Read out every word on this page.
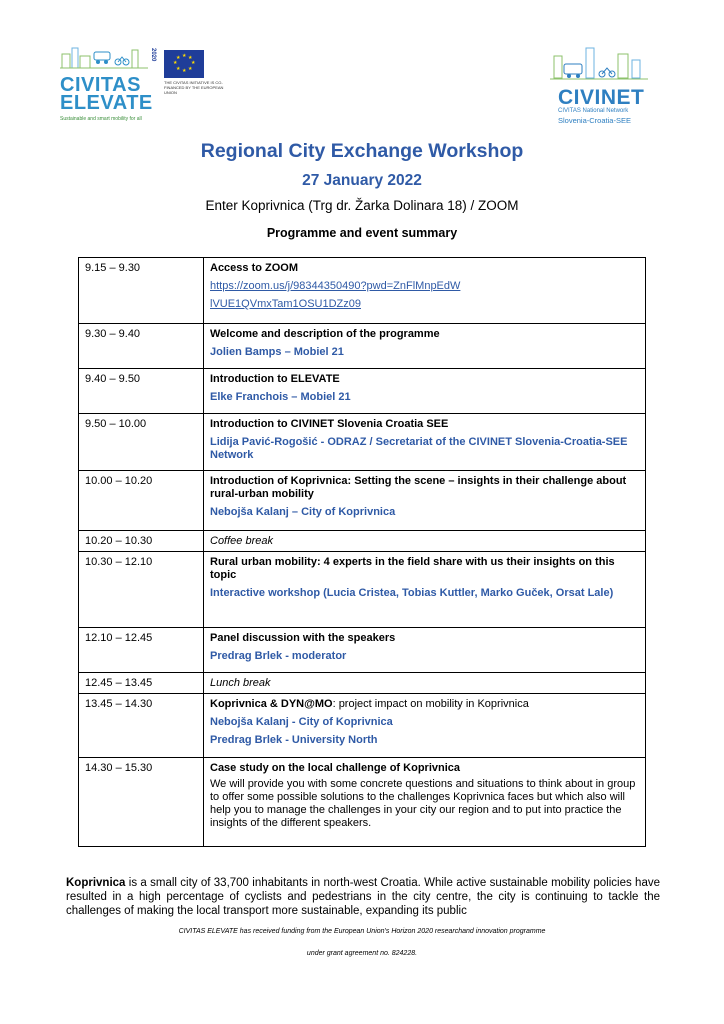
2020
CIVITAS
ELEVATE
Sustainable and smart mobility for all
★ ★
★
★
★
★
★
★
THE CIVITAS INITIATIVE IS CO-FINANCED BY THE EUROPEAN UNION	CIVINET
CIVITAS National Network
Slovenia-Croatia-SEE
Regional City Exchange Workshop
27 January 2022
Enter Koprivnica (Trg dr. Žarka Dolinara 18) / ZOOM
Programme and event summary
9.15 – 9.30	Access to ZOOM
https://zoom.us/j/98344350490?pwd=ZnFlMnpEdW
lVUE1QVmxTam1OSU1DZz09

9.30 – 9.40	Welcome and description of the programme
Jolien Bamps – Mobiel 21

9.40 – 9.50	Introduction to ELEVATE
Elke Franchois – Mobiel 21

9.50 – 10.00	Introduction to CIVINET Slovenia Croatia SEE
Lidija Pavić-Rogošić - ODRAZ / Secretariat of the CIVINET Slovenia-Croatia-SEE Network

10.00 – 10.20	Introduction of Koprivnica: Setting the scene – insights in their challenge about rural-urban mobility
Nebojša Kalanj – City of Koprivnica

10.20 – 10.30	Coffee break

10.30 – 12.10	Rural urban mobility: 4 experts in the field share with us their insights on this topic
Interactive workshop (Lucia Cristea, Tobias Kuttler, Marko Guček, Orsat Lale)

12.10 – 12.45	Panel discussion with the speakers
Predrag Brlek - moderator

12.45 – 13.45	Lunch break

13.45 – 14.30	Koprivnica & DYN@MO: project impact on mobility in Koprivnica
Nebojša Kalanj - City of Koprivnica
Predrag Brlek - University North

14.30 – 15.30	Case study on the local challenge of Koprivnica
We will provide you with some concrete questions and situations to think about in group to offer some possible solutions to the challenges Koprivnica faces but which also will help you to manage the challenges in your city our region and to put into practice the insights of the different speakers.
Koprivnica is a small city of 33,700 inhabitants in north-west Croatia. While active sustainable mobility policies have resulted in a high percentage of cyclists and pedestrians in the city centre, the city is continuing to tackle the challenges of making the local transport more sustainable, expanding its public
CIVITAS ELEVATE has received funding from the European Union's Horizon 2020 researchand innovation programme
under grant agreement no. 824228.
